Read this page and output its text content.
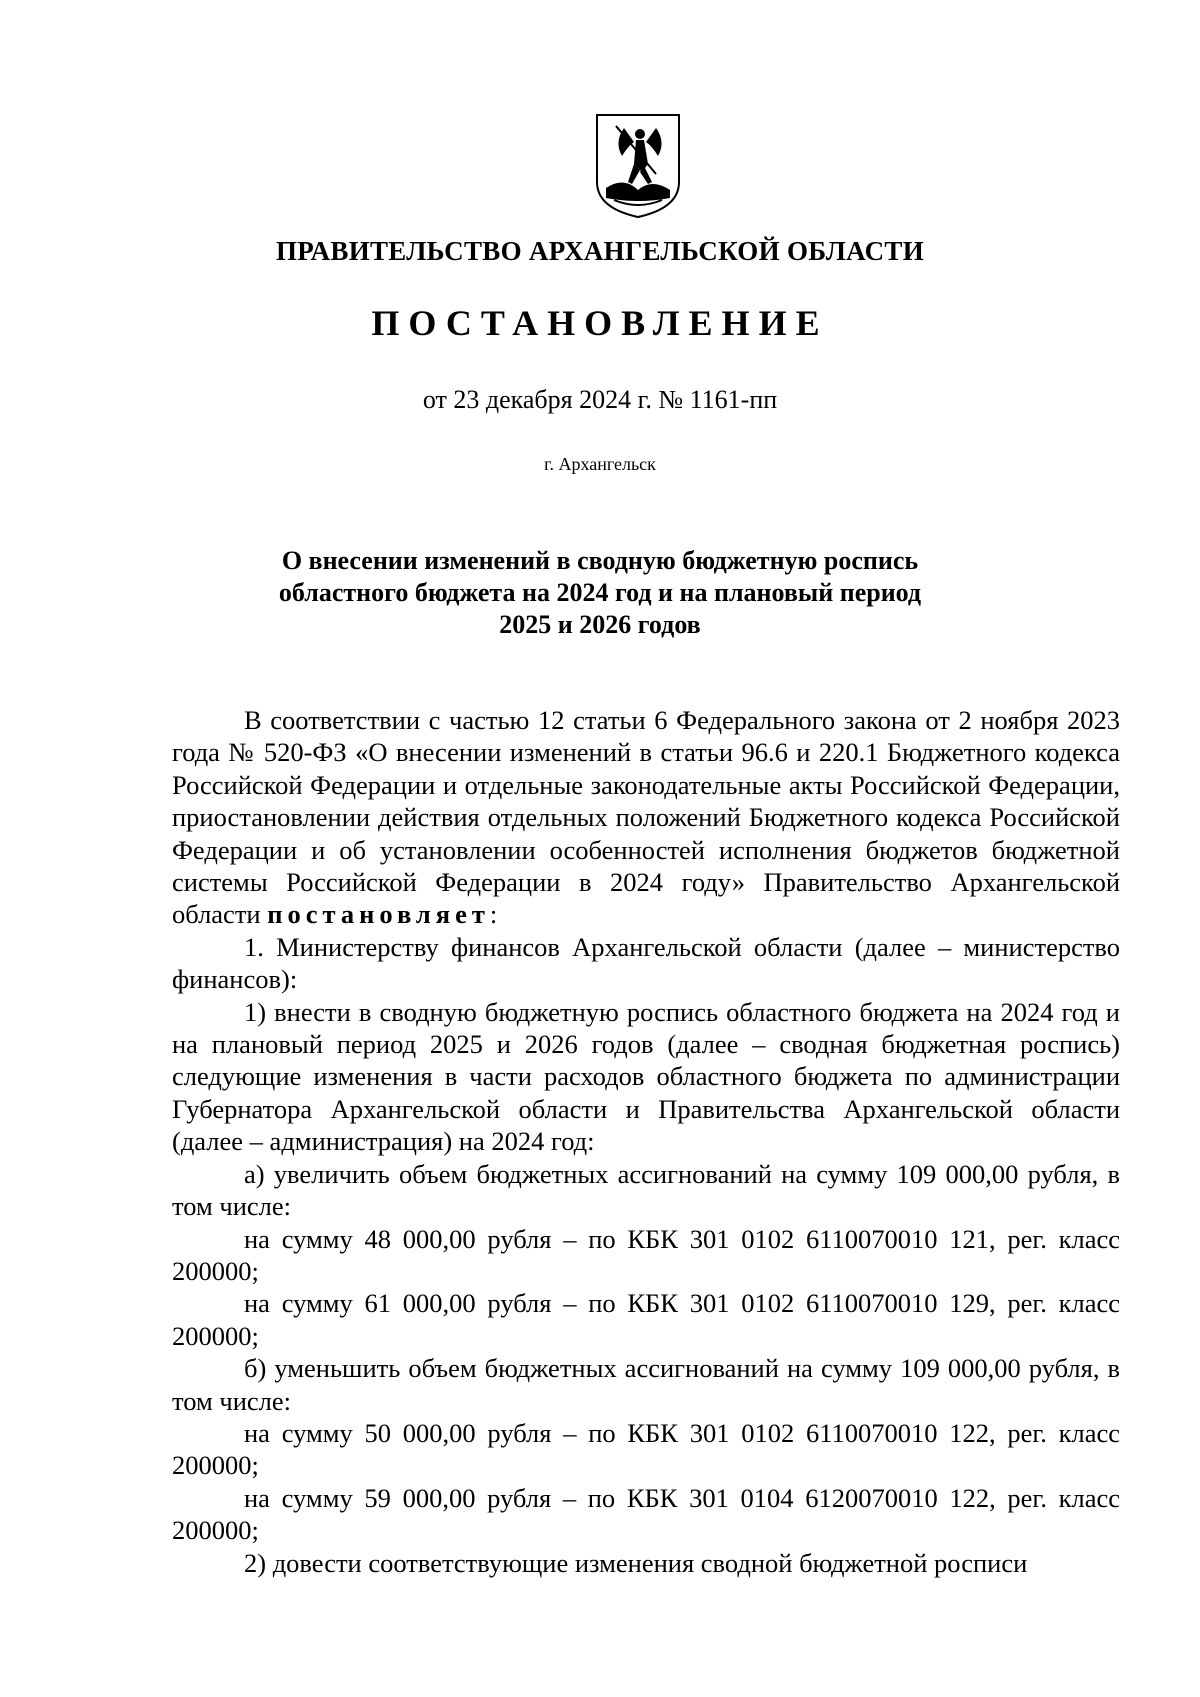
ПРАВИТЕЛЬСТВО АРХАНГЕЛЬСКОЙ ОБЛАСТИ
ПОСТАНОВЛЕНИЕ
от 23 декабря 2024 г. № 1161-пп
г. Архангельск
О внесении изменений в сводную бюджетную роспись
областного бюджета на 2024 год и на плановый период
2025 и 2026 годов

В соответствии с частью 12 статьи 6 Федерального закона от 2 ноября 2023 года № 520-ФЗ «О внесении изменений в статьи 96.6 и 220.1 Бюджетного кодекса Российской Федерации и отдельные законодательные акты Российской Федерации, приостановлении действия отдельных положений Бюджетного кодекса Российской Федерации и об установлении особенностей исполнения бюджетов бюджетной системы Российской Федерации в 2024 году» Правительство Архангельской области постановляет:

1. Министерству финансов Архангельской области (далее – министерство финансов):

1) внести в сводную бюджетную роспись областного бюджета на 2024 год и на плановый период 2025 и 2026 годов (далее – сводная бюджетная роспись) следующие изменения в части расходов областного бюджета по администрации Губернатора Архангельской области и Правительства Архангельской области (далее – администрация) на 2024 год:

а) увеличить объем бюджетных ассигнований на сумму 109 000,00 рубля, в том числе:

на сумму 48 000,00 рубля – по КБК 301 0102 6110070010 121, рег. класс 200000;

на сумму 61 000,00 рубля – по КБК 301 0102 6110070010 129, рег. класс 200000;

б) уменьшить объем бюджетных ассигнований на сумму 109 000,00 рубля, в том числе:

на сумму 50 000,00 рубля – по КБК 301 0102 6110070010 122, рег. класс 200000;

на сумму 59 000,00 рубля – по КБК 301 0104 6120070010 122, рег. класс 200000;

2) довести соответствующие изменения сводной бюджетной росписи
